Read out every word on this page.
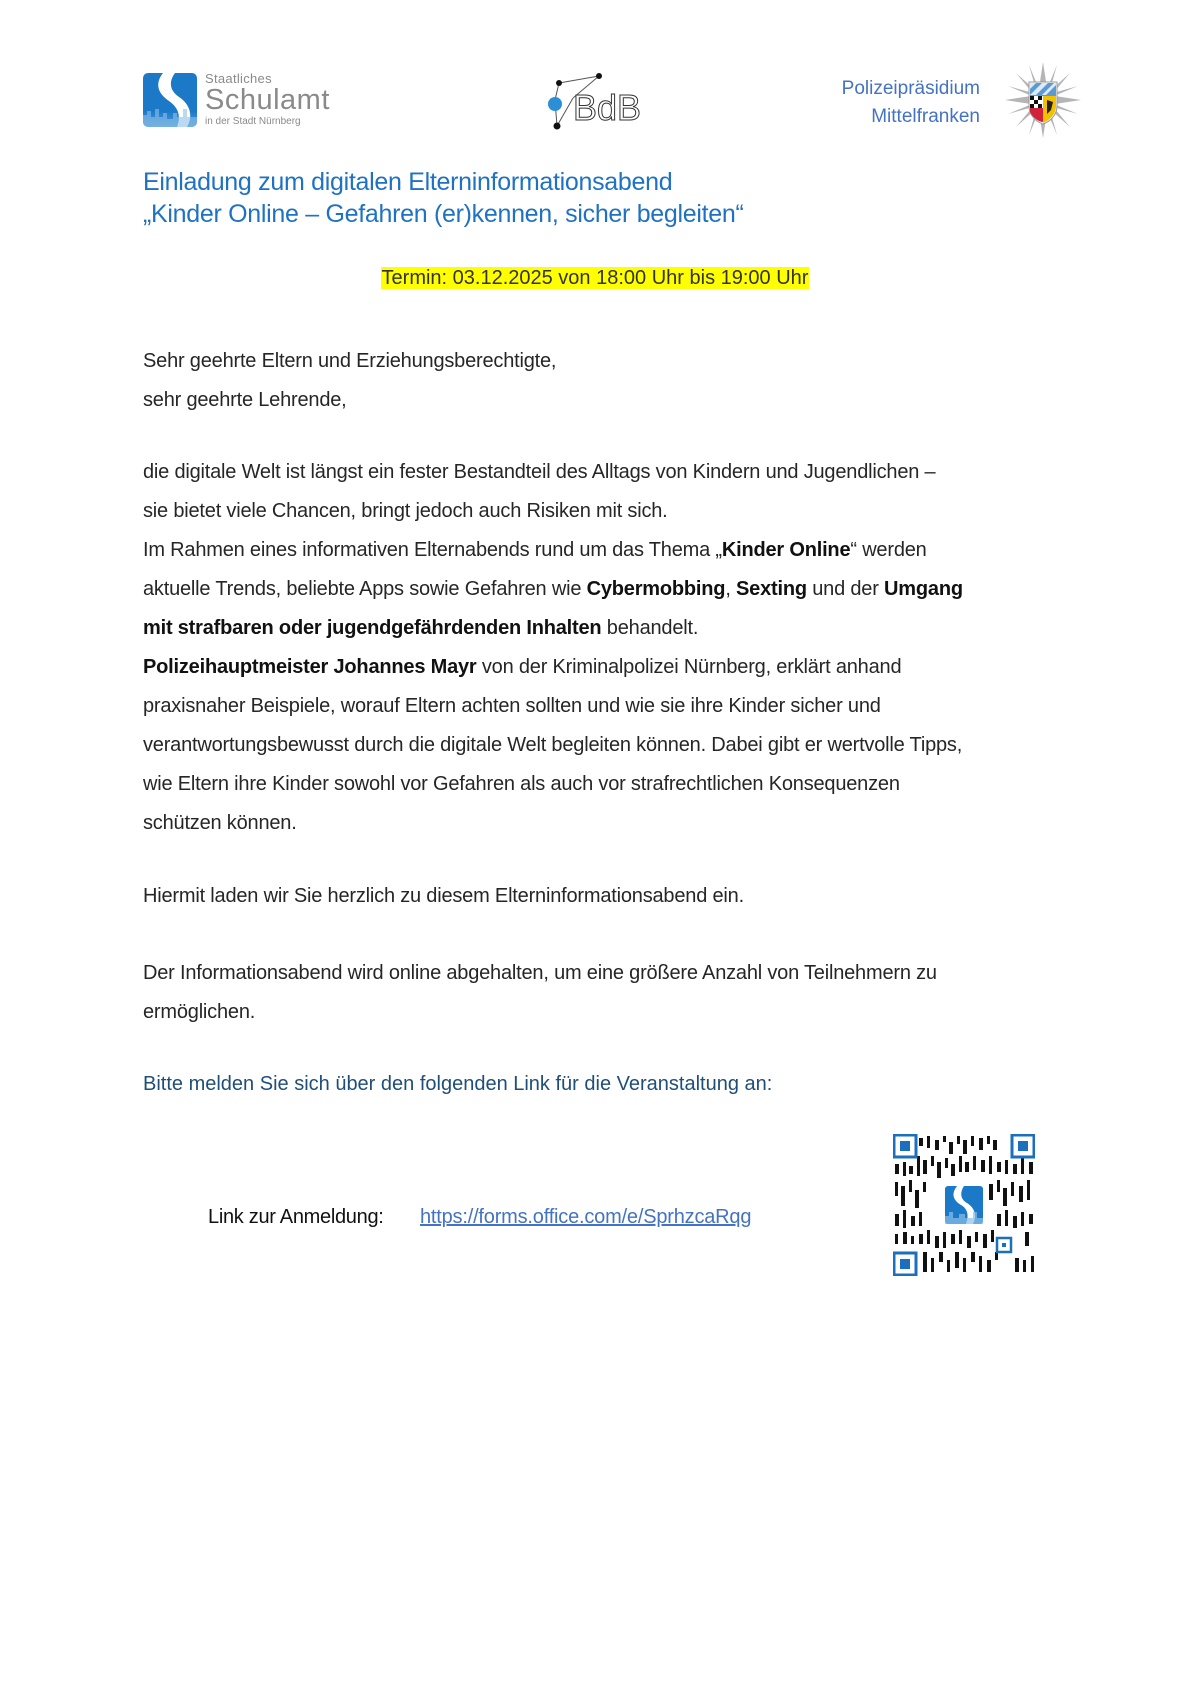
Staatliches
Schulamt
in der Stadt Nürnberg	BdB	Polizeipräsidium
Mittelfranken
Einladung zum digitalen Elterninformationsabend
„Kinder Online – Gefahren (er)kennen, sicher begleiten“
Termin: 03.12.2025 von 18:00 Uhr bis 19:00 Uhr
Sehr geehrte Eltern und Erziehungsberechtigte,
sehr geehrte Lehrende,
die digitale Welt ist längst ein fester Bestandteil des Alltags von Kindern und Jugendlichen –
sie bietet viele Chancen, bringt jedoch auch Risiken mit sich.
Im Rahmen eines informativen Elternabends rund um das Thema „Kinder Online“ werden
aktuelle Trends, beliebte Apps sowie Gefahren wie Cybermobbing, Sexting und der Umgang
mit strafbaren oder jugendgefährdenden Inhalten behandelt.
Polizeihauptmeister Johannes Mayr von der Kriminalpolizei Nürnberg, erklärt anhand
praxisnaher Beispiele, worauf Eltern achten sollten und wie sie ihre Kinder sicher und
verantwortungsbewusst durch die digitale Welt begleiten können. Dabei gibt er wertvolle Tipps,
wie Eltern ihre Kinder sowohl vor Gefahren als auch vor strafrechtlichen Konsequenzen
schützen können.
Hiermit laden wir Sie herzlich zu diesem Elterninformationsabend ein.
Der Informationsabend wird online abgehalten, um eine größere Anzahl von Teilnehmern zu
ermöglichen.
Bitte melden Sie sich über den folgenden Link für die Veranstaltung an:
Link zur Anmeldung: https://forms.office.com/e/SprhzcaRqg
